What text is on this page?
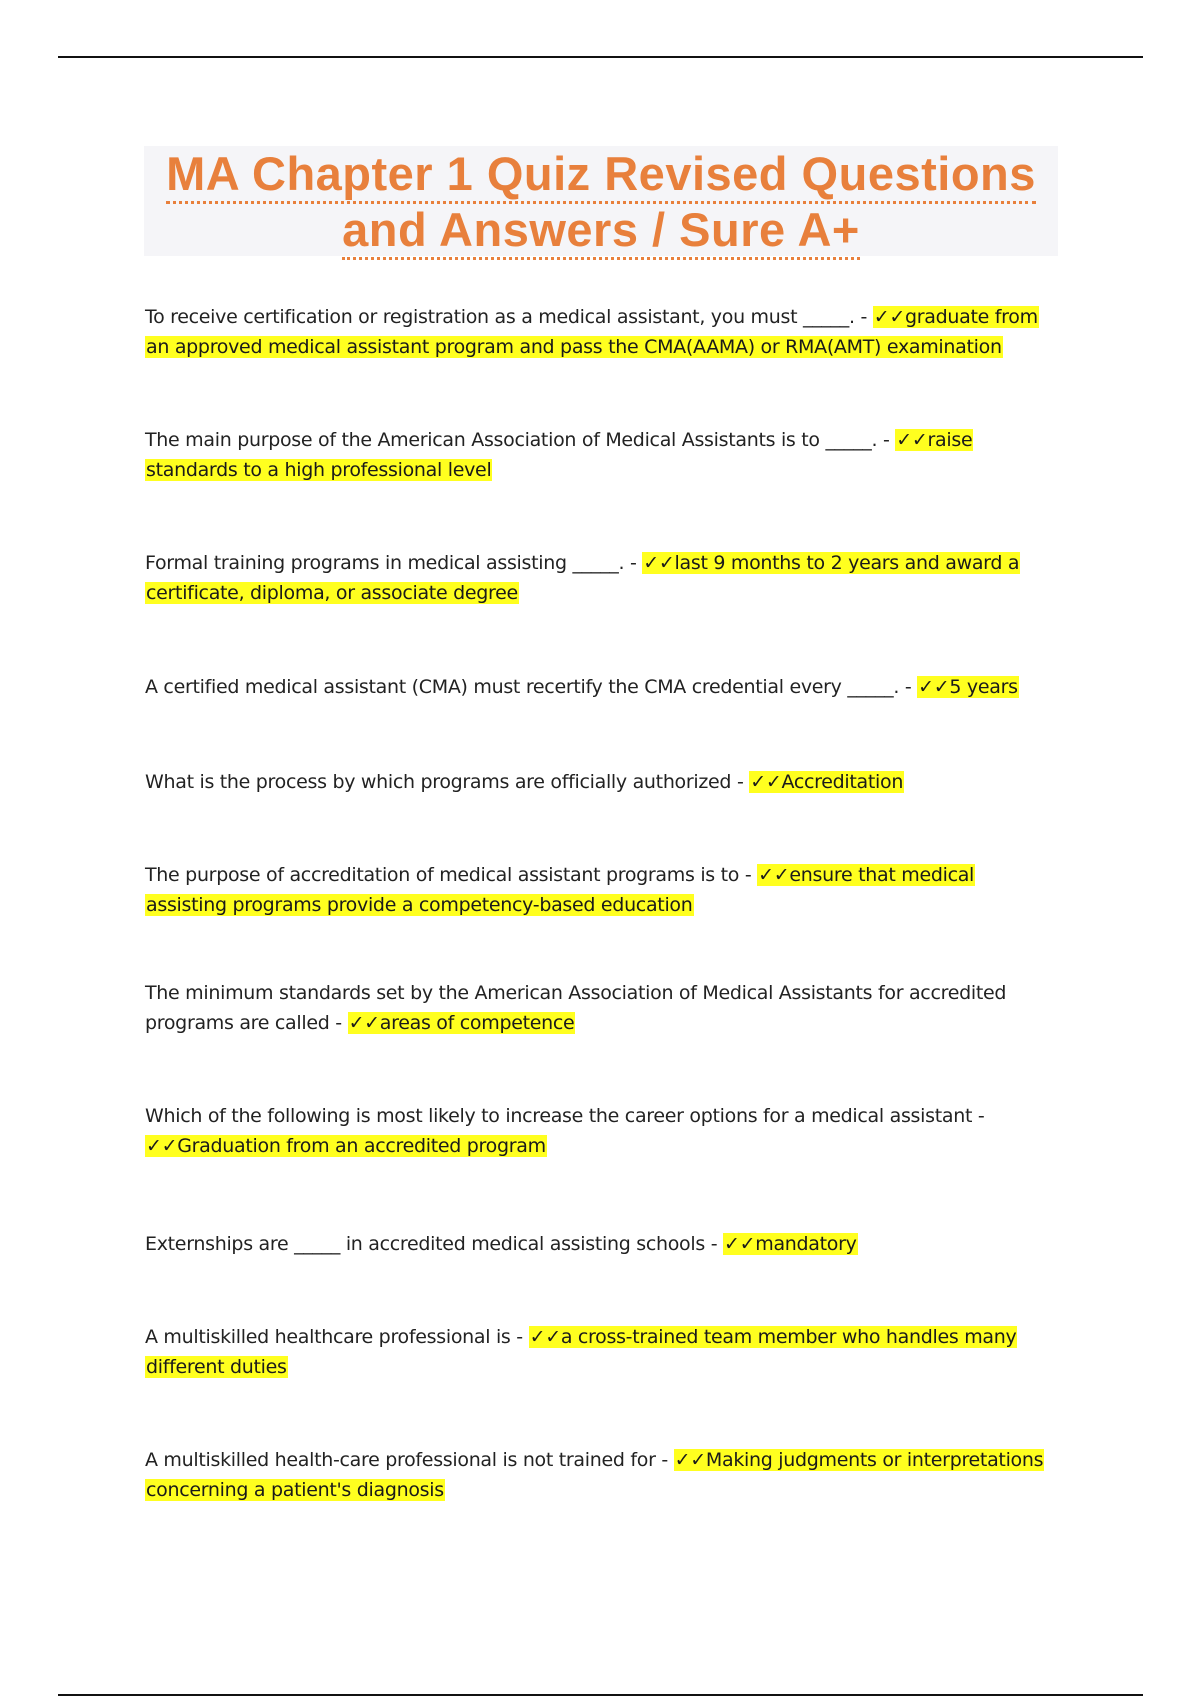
MA Chapter 1 Quiz Revised Questions
and Answers / Sure A+

To receive certification or registration as a medical assistant, you must _____. - ✓✓graduate from an approved medical assistant program and pass the CMA(AAMA) or RMA(AMT) examination

The main purpose of the American Association of Medical Assistants is to _____. - ✓✓raise standards to a high professional level

Formal training programs in medical assisting _____. - ✓✓last 9 months to 2 years and award a certificate, diploma, or associate degree

A certified medical assistant (CMA) must recertify the CMA credential every _____. - ✓✓5 years

What is the process by which programs are officially authorized - ✓✓Accreditation

The purpose of accreditation of medical assistant programs is to - ✓✓ensure that medical assisting programs provide a competency-based education

The minimum standards set by the American Association of Medical Assistants for accredited programs are called - ✓✓areas of competence

Which of the following is most likely to increase the career options for a medical assistant - ✓✓Graduation from an accredited program

Externships are _____ in accredited medical assisting schools - ✓✓mandatory

A multiskilled healthcare professional is - ✓✓a cross-trained team member who handles many different duties

A multiskilled health-care professional is not trained for - ✓✓Making judgments or interpretations concerning a patient's diagnosis
